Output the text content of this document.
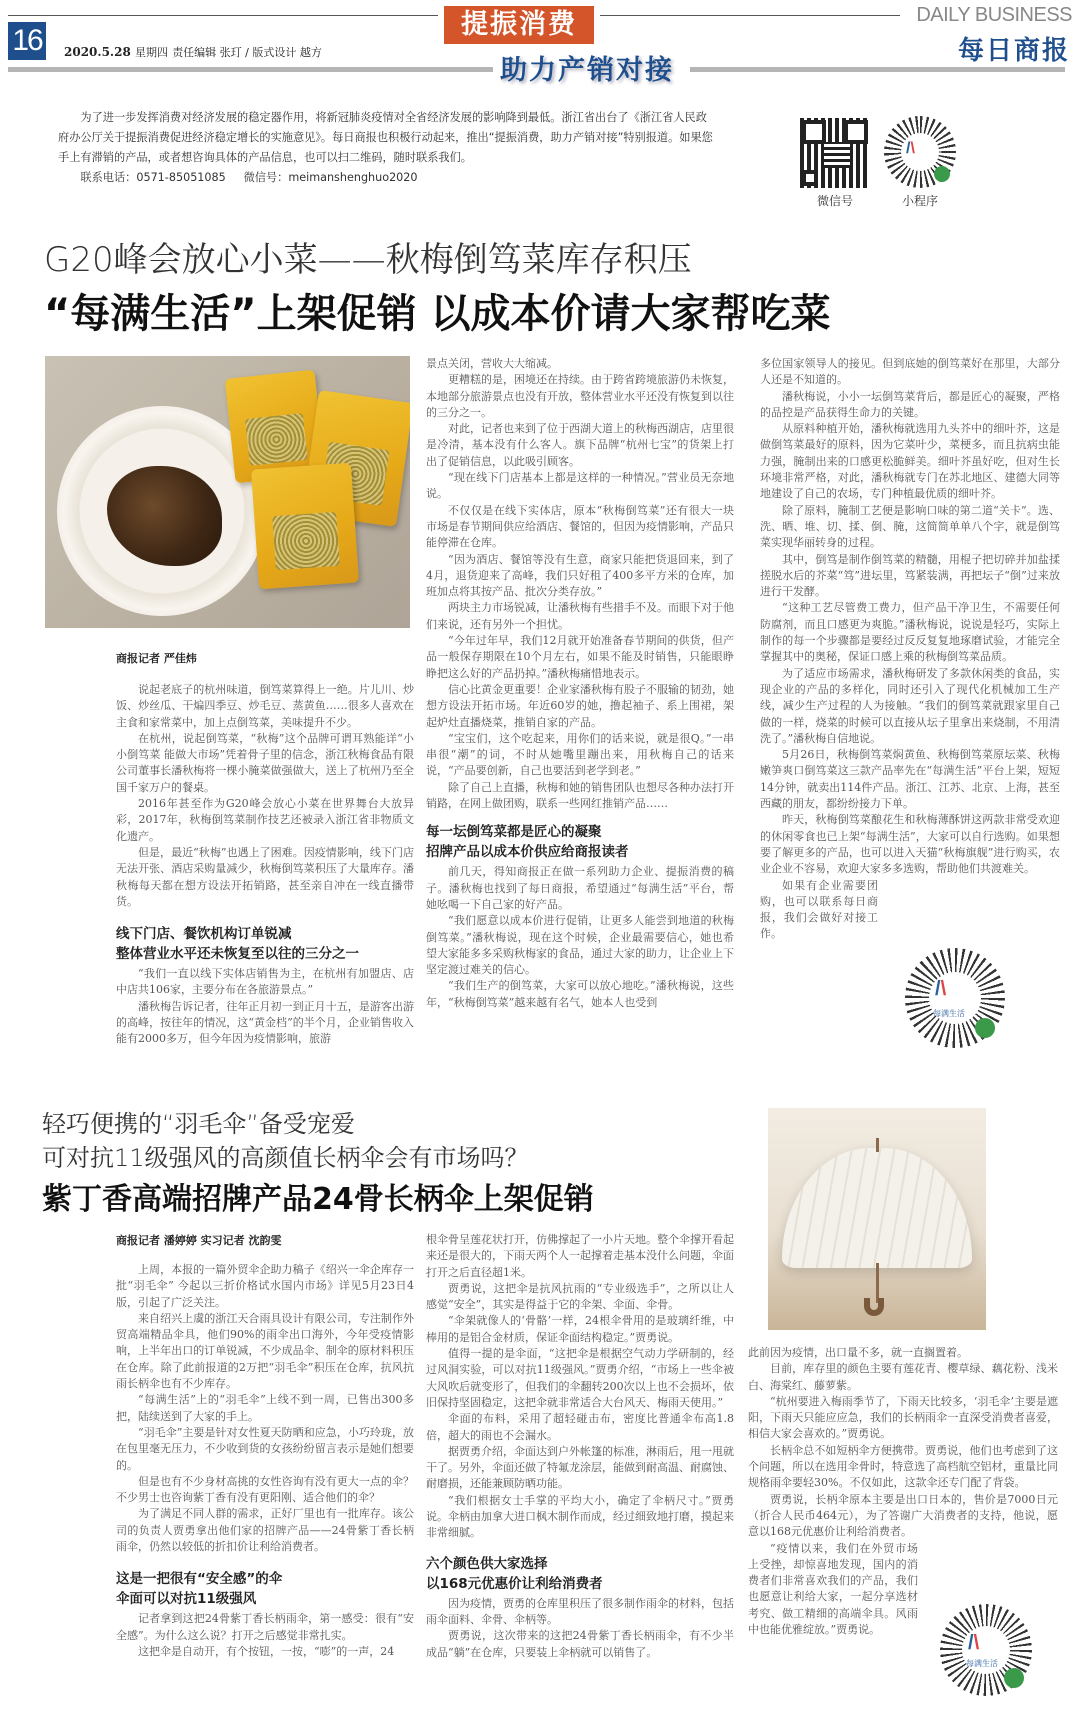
16	2020.5.28 星期四 责任编辑 张玎 / 版式设计 越方
提振消费
助力产销对接
DAILY BUSINESS
每日商报

为了进一步发挥消费对经济发展的稳定器作用，将新冠肺炎疫情对全省经济发展的影响降到最低。浙江省出台了《浙江省人民政府办公厅关于提振消费促进经济稳定增长的实施意见》。每日商报也积极行动起来，推出“提振消费，助力产销对接”特别报道。如果您手上有滞销的产品，或者想咨询具体的产品信息，也可以扫二维码，随时联系我们。

联系电话：0571-85051085 微信号：meimanshenghuo2020

微信号
/\
小程序
G20峰会放心小菜——秋梅倒笃菜库存积压
“每满生活”上架促销 以成本价请大家帮吃菜
商报记者 严佳炜

说起老底子的杭州味道，倒笃菜算得上一绝。片儿川、炒饭、炒丝瓜、干煸四季豆、炒毛豆、蒸黄鱼……很多人喜欢在主食和家常菜中，加上点倒笃菜，美味提升不少。

在杭州，说起倒笃菜，“秋梅”这个品牌可谓耳熟能详“小小倒笃菜 能做大市场”凭着骨子里的信念，浙江秋梅食品有限公司董事长潘秋梅将一棵小腌菜做强做大，送上了杭州乃至全国千家万户的餐桌。

2016年甚至作为G20峰会放心小菜在世界舞台大放异彩，2017年，秋梅倒笃菜制作技艺还被录入浙江省非物质文化遗产。

但是，最近“秋梅”也遇上了困难。因疫情影响，线下门店无法开张、酒店采购量减少，秋梅倒笃菜积压了大量库存。潘秋梅每天都在想方设法开拓销路，甚至亲自冲在一线直播带货。

线下门店、餐饮机构订单锐减
整体营业水平还未恢复至以往的三分之一

“我们一直以线下实体店销售为主，在杭州有加盟店、店中店共106家，主要分布在各旅游景点。”

潘秋梅告诉记者，往年正月初一到正月十五，是游客出游的高峰，按往年的情况，这“黄金档”的半个月，企业销售收入能有2000多万，但今年因为疫情影响，旅游

景点关闭，营收大大缩减。

更糟糕的是，困境还在持续。由于跨省跨境旅游仍未恢复，本地部分旅游景点也没有开放，整体营业水平还没有恢复到以往的三分之一。

对此，记者也来到了位于西湖大道上的秋梅西湖店，店里很是冷清，基本没有什么客人。旗下品牌“杭州七宝”的货架上打出了促销信息，以此吸引顾客。

“现在线下门店基本上都是这样的一种情况。”营业员无奈地说。

不仅仅是在线下实体店，原本“秋梅倒笃菜”还有很大一块市场是春节期间供应给酒店、餐馆的，但因为疫情影响，产品只能停滞在仓库。

“因为酒店、餐馆等没有生意，商家只能把货退回来，到了4月，退货迎来了高峰，我们只好租了400多平方米的仓库，加班加点将其按产品、批次分类存放。”

两块主力市场锐减，让潘秋梅有些措手不及。而眼下对于他们来说，还有另外一个担忧。

“今年过年早，我们12月就开始准备春节期间的供货，但产品一般保存期限在10个月左右，如果不能及时销售，只能眼睁睁把这么好的产品扔掉。”潘秋梅痛惜地表示。

信心比黄金更重要！企业家潘秋梅有股子不服输的韧劲，她想方设法开拓市场。年近60岁的她，撸起袖子、系上围裙，架起炉灶直播烧菜，推销自家的产品。

“宝宝们，这个吃起来，用你们的话来说，就是很Q。”一串串很“潮”的词，不时从她嘴里蹦出来，用秋梅自己的话来说，“产品要创新，自己也要活到老学到老。”

除了自己上直播，秋梅和她的销售团队也想尽各种办法打开销路，在网上做团购，联系一些网红推销产品……

每一坛倒笃菜都是匠心的凝聚
招牌产品以成本价供应给商报读者

前几天，得知商报正在做一系列助力企业、提振消费的稿子。潘秋梅也找到了每日商报，希望通过“每满生活”平台，帮她吆喝一下自己家的好产品。

“我们愿意以成本价进行促销，让更多人能尝到地道的秋梅倒笃菜。”潘秋梅说，现在这个时候，企业最需要信心，她也希望大家能多多采购秋梅家的食品，通过大家的助力，让企业上下坚定渡过难关的信心。

“我们生产的倒笃菜，大家可以放心地吃。”潘秋梅说，这些年，“秋梅倒笃菜”越来越有名气，她本人也受到

多位国家领导人的接见。但到底她的倒笃菜好在那里，大部分人还是不知道的。

潘秋梅说，小小一坛倒笃菜背后，都是匠心的凝聚，严格的品控是产品获得生命力的关键。

从原料种植开始，潘秋梅就选用九头芥中的细叶芥，这是做倒笃菜最好的原料，因为它菜叶少，菜梗多，而且抗病虫能力强，腌制出来的口感更松脆鲜美。细叶芥虽好吃，但对生长环境非常严格，对此，潘秋梅就专门在苏北地区、建德大同等地建设了自己的农场，专门种植最优质的细叶芥。

除了原料，腌制工艺便是影响口味的第二道“关卡”。选、洗、晒、堆、切、揉、倒、腌，这简简单单八个字，就是倒笃菜实现华丽转身的过程。

其中，倒笃是制作倒笃菜的精髓，用棍子把切碎并加盐揉搓脱水后的芥菜“笃”进坛里，笃紧装满，再把坛子“倒”过来放进行干发酵。

“这种工艺尽管费工费力，但产品干净卫生，不需要任何防腐剂，而且口感更为爽脆。”潘秋梅说，说说是轻巧，实际上制作的每一个步骤都是要经过反反复复地琢磨试验，才能完全掌握其中的奥秘，保证口感上乘的秋梅倒笃菜品质。

为了适应市场需求，潘秋梅研发了多款休闲类的食品，实现企业的产品的多样化，同时还引入了现代化机械加工生产线，减少生产过程的人为接触。“我们的倒笃菜就跟家里自己做的一样，烧菜的时候可以直接从坛子里拿出来烧制，不用清洗了。”潘秋梅自信地说。

5月26日，秋梅倒笃菜焖黄鱼、秋梅倒笃菜原坛菜、秋梅嫩笋爽口倒笃菜这三款产品率先在“每满生活”平台上架，短短14分钟，就卖出114件产品。浙江、江苏、北京、上海，甚至西藏的朋友，都纷纷接力下单。

昨天，秋梅倒笃菜酿花生和秋梅薄酥饼这两款非常受欢迎的休闲零食也已上架“每满生活”，大家可以自行选购。如果想要了解更多的产品，也可以进入天猫“秋梅旗舰”进行购买，农业企业不容易，欢迎大家多多选购，帮助他们共渡难关。

如果有企业需要团购，也可以联系每日商报，我们会做好对接工作。

/\
每满生活
轻巧便携的“羽毛伞”备受宠爱
可对抗11级强风的高颜值长柄伞会有市场吗？
紫丁香高端招牌产品24骨长柄伞上架促销
商报记者 潘婷婷 实习记者 沈韵雯

上周，本报的一篇外贸伞企助力稿子《绍兴一伞企库存一批“羽毛伞” 今起以三折价格试水国内市场》详见5月23日4版，引起了广泛关注。

来自绍兴上虞的浙江天合雨具设计有限公司，专注制作外贸高端精品伞具，他们90%的雨伞出口海外，今年受疫情影响，上半年出口的订单锐减，不少成品伞、制伞的原材料积压在仓库。除了此前报道的2万把“羽毛伞”积压在仓库，抗风抗雨长柄伞也有不少库存。

“每满生活”上的“羽毛伞”上线不到一周，已售出300多把，陆续送到了大家的手上。

“羽毛伞”主要是针对女性夏天防晒和应急，小巧玲珑，放在包里毫无压力，不少收到货的女孩纷纷留言表示是她们想要的。

但是也有不少身材高挑的女性咨询有没有更大一点的伞？不少男士也咨询紫丁香有没有更阳刚、适合他们的伞？

为了满足不同人群的需求，正好厂里也有一批库存。该公司的负责人贾勇拿出他们家的招牌产品——24骨紫丁香长柄雨伞，仍然以较低的折扣价让利给消费者。

这是一把很有“安全感”的伞
伞面可以对抗11级强风

记者拿到这把24骨紫丁香长柄雨伞，第一感受：很有“安全感”。为什么这么说？打开之后感觉非常扎实。

这把伞是自动开，有个按钮，一按，“嘭”的一声，24

根伞骨呈莲花状打开，仿佛撑起了一小片天地。整个伞撑开看起来还是很大的，下雨天两个人一起撑着走基本没什么问题，伞面打开之后直径超1米。

贾勇说，这把伞是抗风抗雨的“专业级选手”，之所以让人感觉“安全”，其实是得益于它的伞架、伞面、伞骨。

“伞架就像人的‘骨骼’一样，24根伞骨用的是玻璃纤维，中棒用的是铝合金材质，保证伞面结构稳定。”贾勇说。

值得一提的是伞面，“这把伞是根据空气动力学研制的，经过风洞实验，可以对抗11级强风。”贾勇介绍，“市场上一些伞被大风吹后就变形了，但我们的伞翻转200次以上也不会损坏，依旧保持坚固稳定，这把伞就非常适合大台风天、梅雨天使用。”

伞面的布料，采用了超轻碰击布，密度比普通伞布高1.8倍，超大的雨也不会漏水。

据贾勇介绍，伞面达到户外帐篷的标准，淋雨后，甩一甩就干了。另外，伞面还做了特氟龙涂层，能做到耐高温、耐腐蚀、耐磨损，还能兼顾防晒功能。

“我们根据女士手掌的平均大小，确定了伞柄尺寸。”贾勇说。伞柄由加拿大进口枫木制作而成，经过细致地打磨，摸起来非常细腻。

六个颜色供大家选择
以168元优惠价让利给消费者

因为疫情，贾勇的仓库里积压了很多制作雨伞的材料，包括雨伞面料、伞骨、伞柄等。

贾勇说，这次带来的这把24骨紫丁香长柄雨伞，有不少半成品“躺”在仓库，只要装上伞柄就可以销售了。

此前因为疫情，出口量不多，就一直搁置着。

目前，库存里的颜色主要有莲花青、樱草绿、藕花粉、浅米白、海棠红、藤萝紫。

“杭州要进入梅雨季节了，下雨天比较多，‘羽毛伞’主要是遮阳，下雨天只能应应急，我们的长柄雨伞一直深受消费者喜爱，相信大家会喜欢的。”贾勇说。

长柄伞总不如短柄伞方便携带。贾勇说，他们也考虑到了这个问题，所以在选用伞骨时，特意选了高档航空铝材，重量比同规格雨伞要轻30%。不仅如此，这款伞还专门配了背袋。

贾勇说，长柄伞原本主要是出口日本的，售价是7000日元（折合人民币464元），为了答谢广大消费者的支持，他说，愿意以168元优惠价让利给消费者。

“疫情以来，我们在外贸市场上受挫，却惊喜地发现，国内的消费者们非常喜欢我们的产品，我们也愿意让利给大家，一起分享选材考究、做工精细的高端伞具。风雨中也能优雅绽放。”贾勇说。

/\
每满生活
